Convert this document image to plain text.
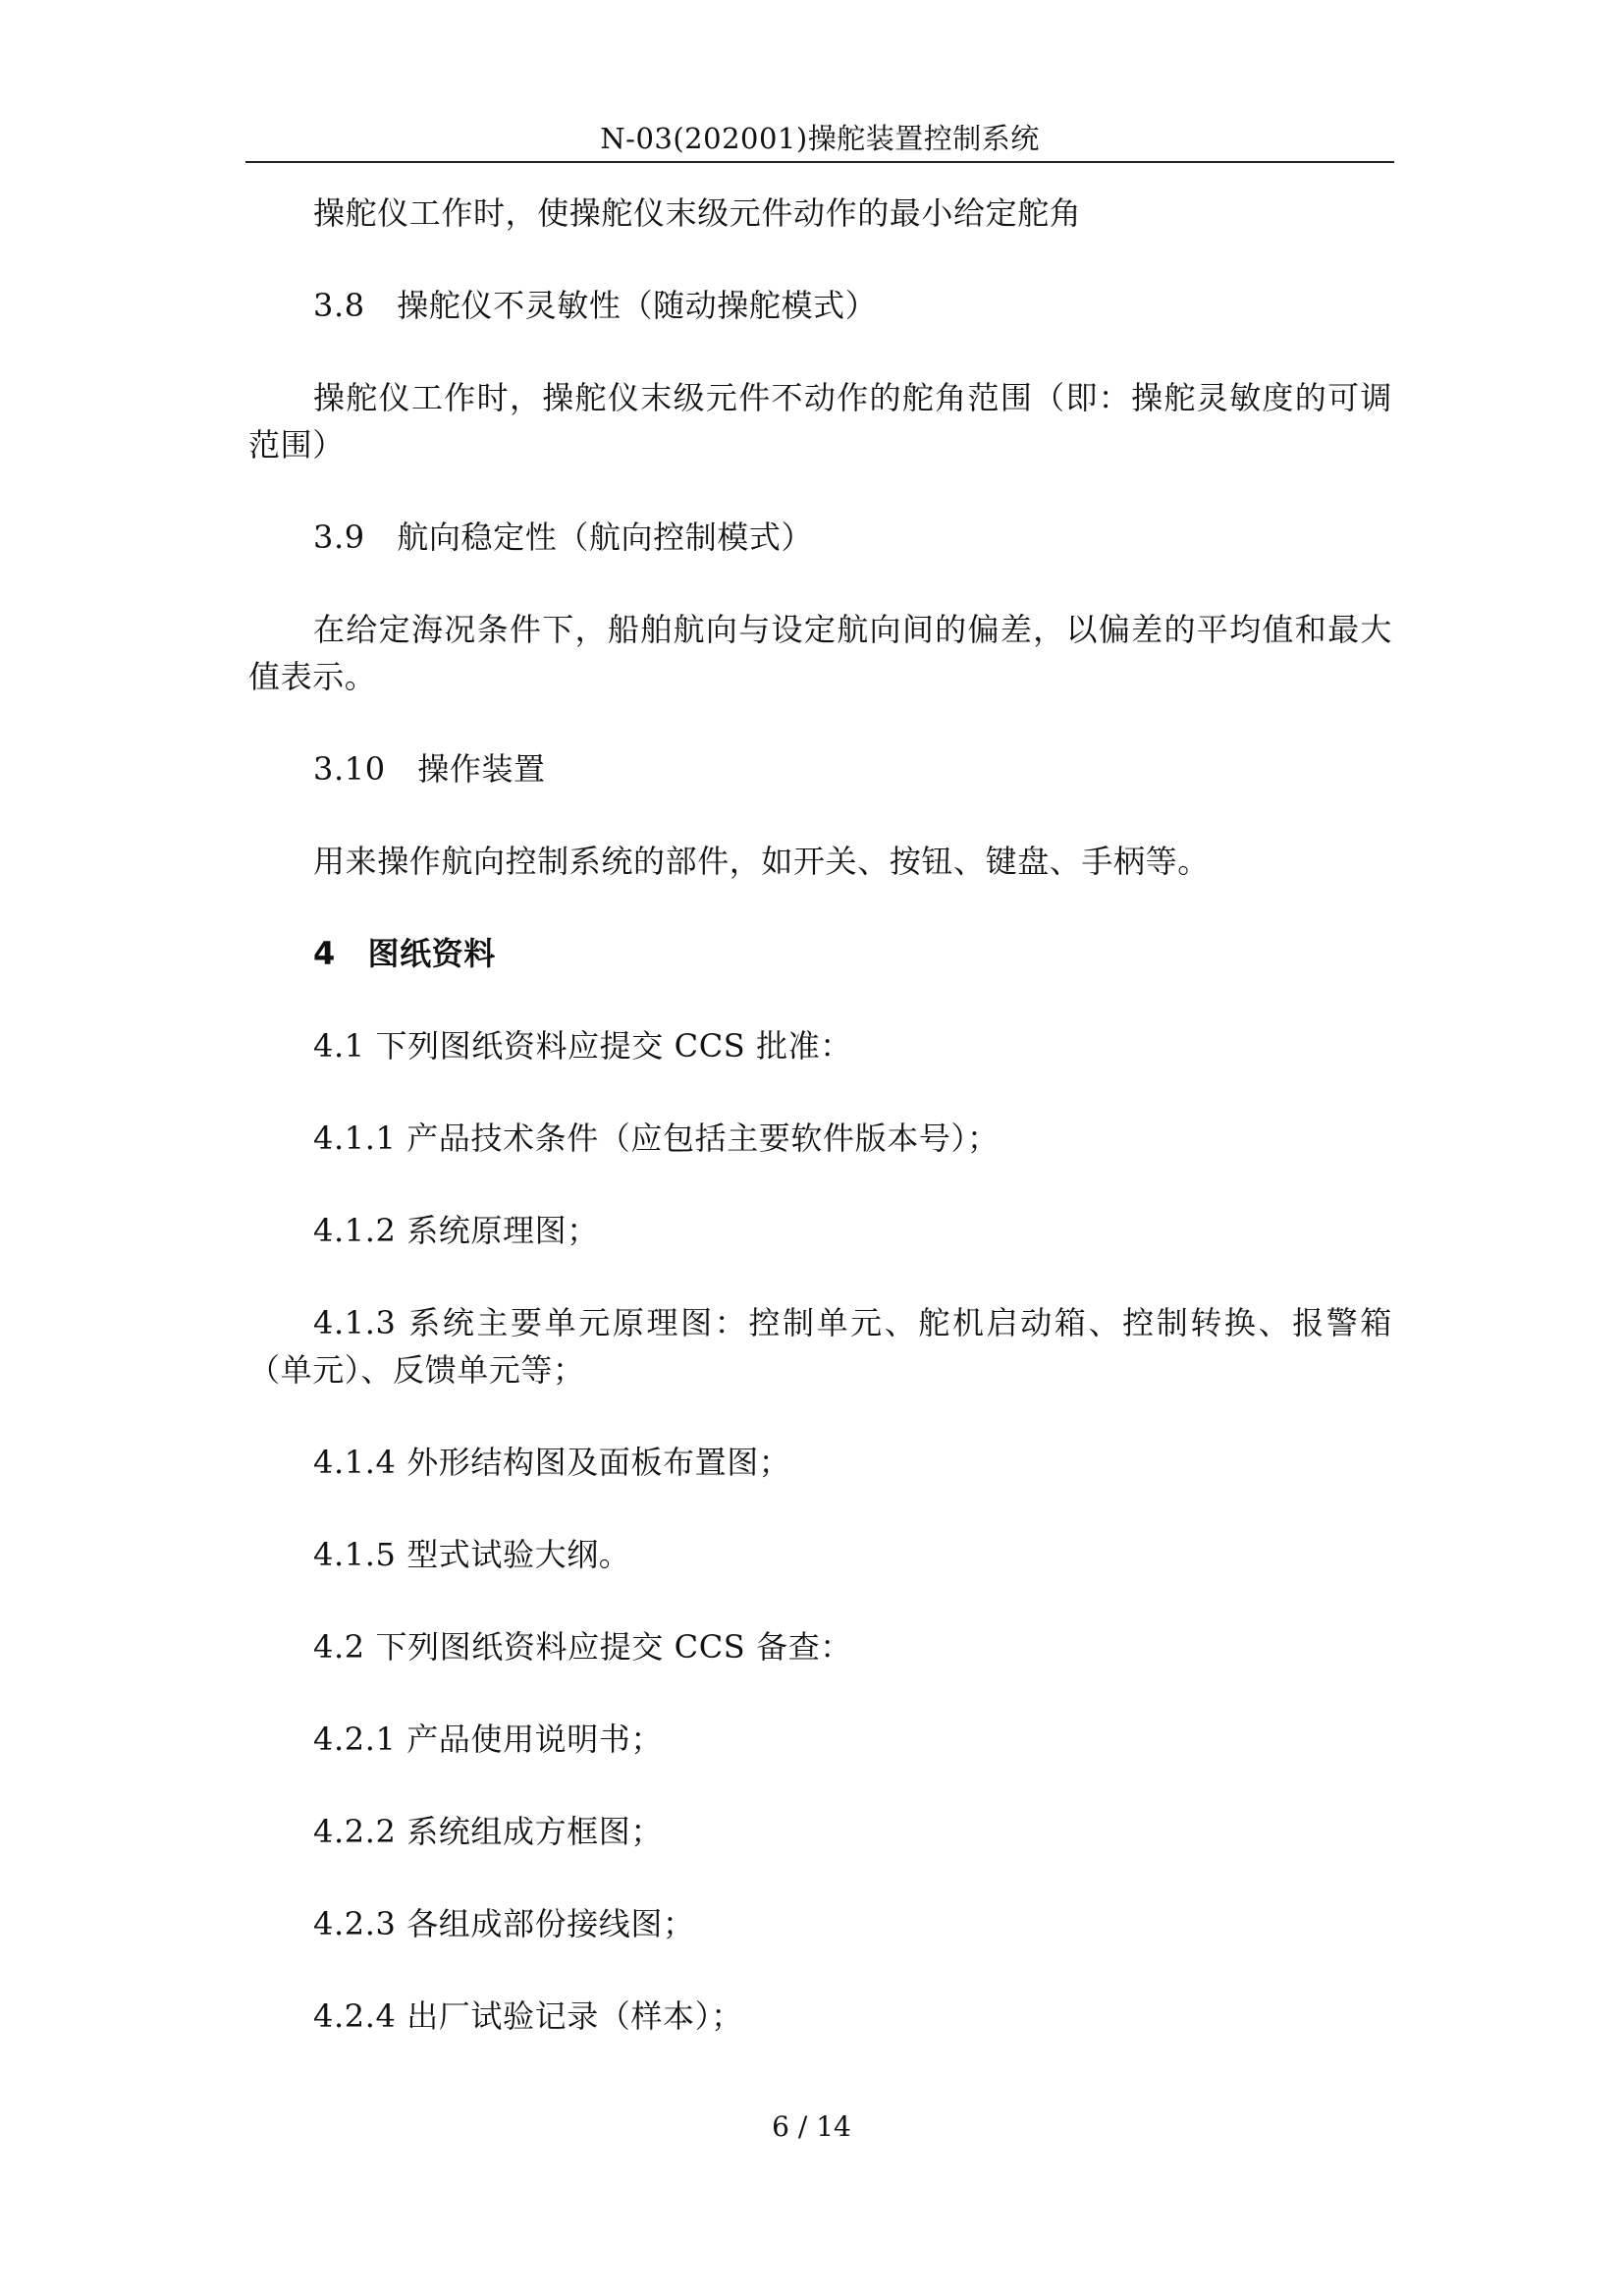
N-03(202001)操舵装置控制系统

操舵仪工作时，使操舵仪末级元件动作的最小给定舵角

3.8　操舵仪不灵敏性（随动操舵模式）

操舵仪工作时，操舵仪末级元件不动作的舵角范围（即：操舵灵敏度的可调范围）

3.9　航向稳定性（航向控制模式）

在给定海况条件下，船舶航向与设定航向间的偏差，以偏差的平均值和最大值表示。

3.10　操作装置

用来操作航向控制系统的部件，如开关、按钮、键盘、手柄等。

4　图纸资料

4.1 下列图纸资料应提交 CCS 批准：

4.1.1 产品技术条件（应包括主要软件版本号）；

4.1.2 系统原理图；

4.1.3 系统主要单元原理图：控制单元、舵机启动箱、控制转换、报警箱（单元）、反馈单元等；

4.1.4 外形结构图及面板布置图；

4.1.5 型式试验大纲。

4.2 下列图纸资料应提交 CCS 备查：

4.2.1 产品使用说明书；

4.2.2 系统组成方框图；

4.2.3 各组成部份接线图；

4.2.4 出厂试验记录（样本）；

6 / 14
